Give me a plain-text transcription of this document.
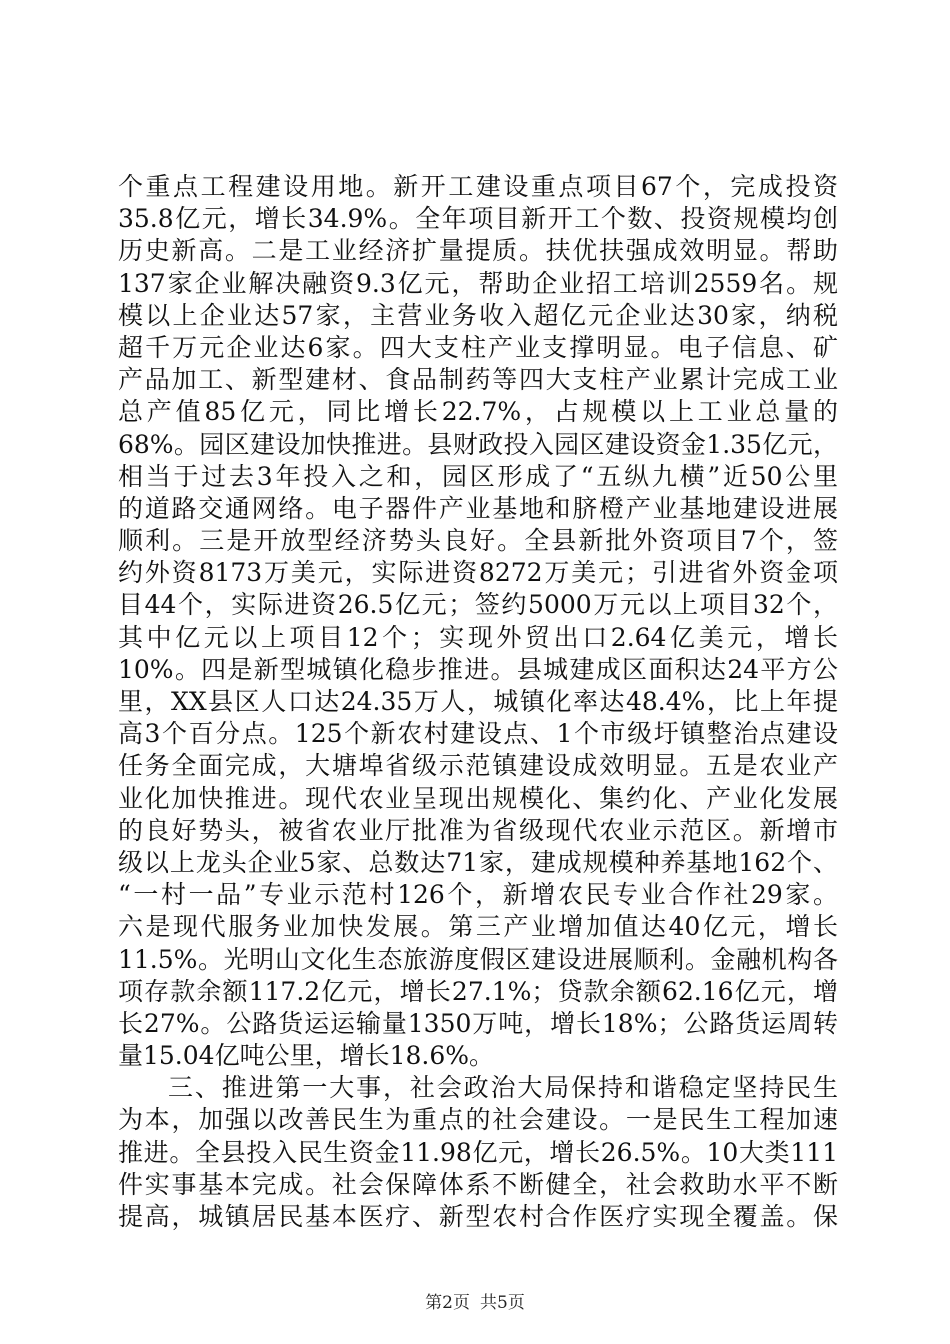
个重点工程建设用地。新开工建设重点项目67个，完成投资
35.8亿元，增长34.9%。全年项目新开工个数、投资规模均创
历史新高。二是工业经济扩量提质。扶优扶强成效明显。帮助
137家企业解决融资9.3亿元，帮助企业招工培训2559名。规
模以上企业达57家，主营业务收入超亿元企业达30家，纳税
超千万元企业达6家。四大支柱产业支撑明显。电子信息、矿
产品加工、新型建材、食品制药等四大支柱产业累计完成工业
总产值85亿元，同比增长22.7%，占规模以上工业总量的
68%。园区建设加快推进。县财政投入园区建设资金1.35亿元，
相当于过去3年投入之和，园区形成了“五纵九横”近50公里
的道路交通网络。电子器件产业基地和脐橙产业基地建设进展
顺利。三是开放型经济势头良好。全县新批外资项目7个，签
约外资8173万美元，实际进资8272万美元；引进省外资金项
目44个，实际进资26.5亿元；签约5000万元以上项目32个，
其中亿元以上项目12个；实现外贸出口2.64亿美元，增长
10%。四是新型城镇化稳步推进。县城建成区面积达24平方公
里，XX县区人口达24.35万人，城镇化率达48.4%，比上年提
高3个百分点。125个新农村建设点、1个市级圩镇整治点建设
任务全面完成，大塘埠省级示范镇建设成效明显。五是农业产
业化加快推进。现代农业呈现出规模化、集约化、产业化发展
的良好势头，被省农业厅批准为省级现代农业示范区。新增市
级以上龙头企业5家、总数达71家，建成规模种养基地162个、
“一村一品”专业示范村126个，新增农民专业合作社29家。
六是现代服务业加快发展。第三产业增加值达40亿元，增长
11.5%。光明山文化生态旅游度假区建设进展顺利。金融机构各
项存款余额117.2亿元，增长27.1%；贷款余额62.16亿元，增
长27%。公路货运运输量1350万吨，增长18%；公路货运周转
量15.04亿吨公里，增长18.6%。
三、推进第一大事，社会政治大局保持和谐稳定坚持民生
为本，加强以改善民生为重点的社会建设。一是民生工程加速
推进。全县投入民生资金11.98亿元，增长26.5%。10大类111
件实事基本完成。社会保障体系不断健全，社会救助水平不断
提高，城镇居民基本医疗、新型农村合作医疗实现全覆盖。保
第2页 共5页
